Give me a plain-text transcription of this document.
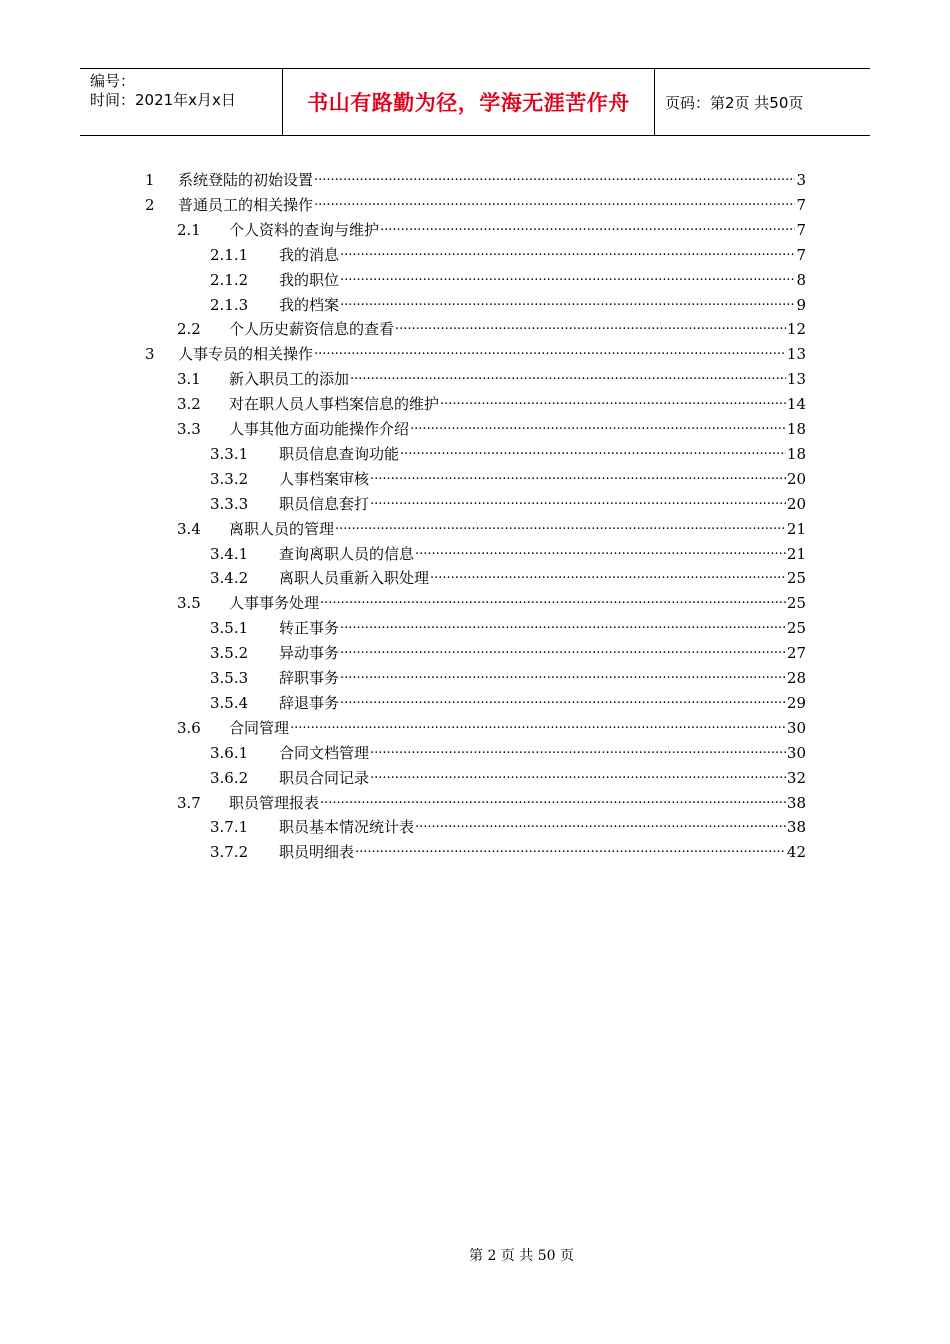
编号：
时间：2021年x月x日	书山有路勤为径，学海无涯苦作舟 页码：第2页 共50页
1	系统登陆的初始设置 .....	3
2	普通员工的相关操作 .....	7
2.1	个人资料的查询与维护 .....	7
2.1.1	我的消息 .....	7
2.1.2	我的职位 .....	8
2.1.3	我的档案 .....	9
2.2	个人历史薪资信息的查看 .....	12
3	人事专员的相关操作 .....	13
3.1	新入职员工的添加 .....	13
3.2	对在职人员人事档案信息的维护 .....	14
3.3	人事其他方面功能操作介绍 .....	18
3.3.1	职员信息查询功能 .....	18
3.3.2	人事档案审核 .....	20
3.3.3	职员信息套打 .....	20
3.4	离职人员的管理 .....	21
3.4.1	查询离职人员的信息 .....	21
3.4.2	离职人员重新入职处理 .....	25
3.5	人事事务处理 .....	25
3.5.1	转正事务 .....	25
3.5.2	异动事务 .....	27
3.5.3	辞职事务 .....	28
3.5.4	辞退事务 .....	29
3.6	合同管理 .....	30
3.6.1	合同文档管理 .....	30
3.6.2	职员合同记录 .....	32
3.7	职员管理报表 .....	38
3.7.1	职员基本情况统计表 .....	38
3.7.2	职员明细表 .....	42
第 2 页 共 50 页
